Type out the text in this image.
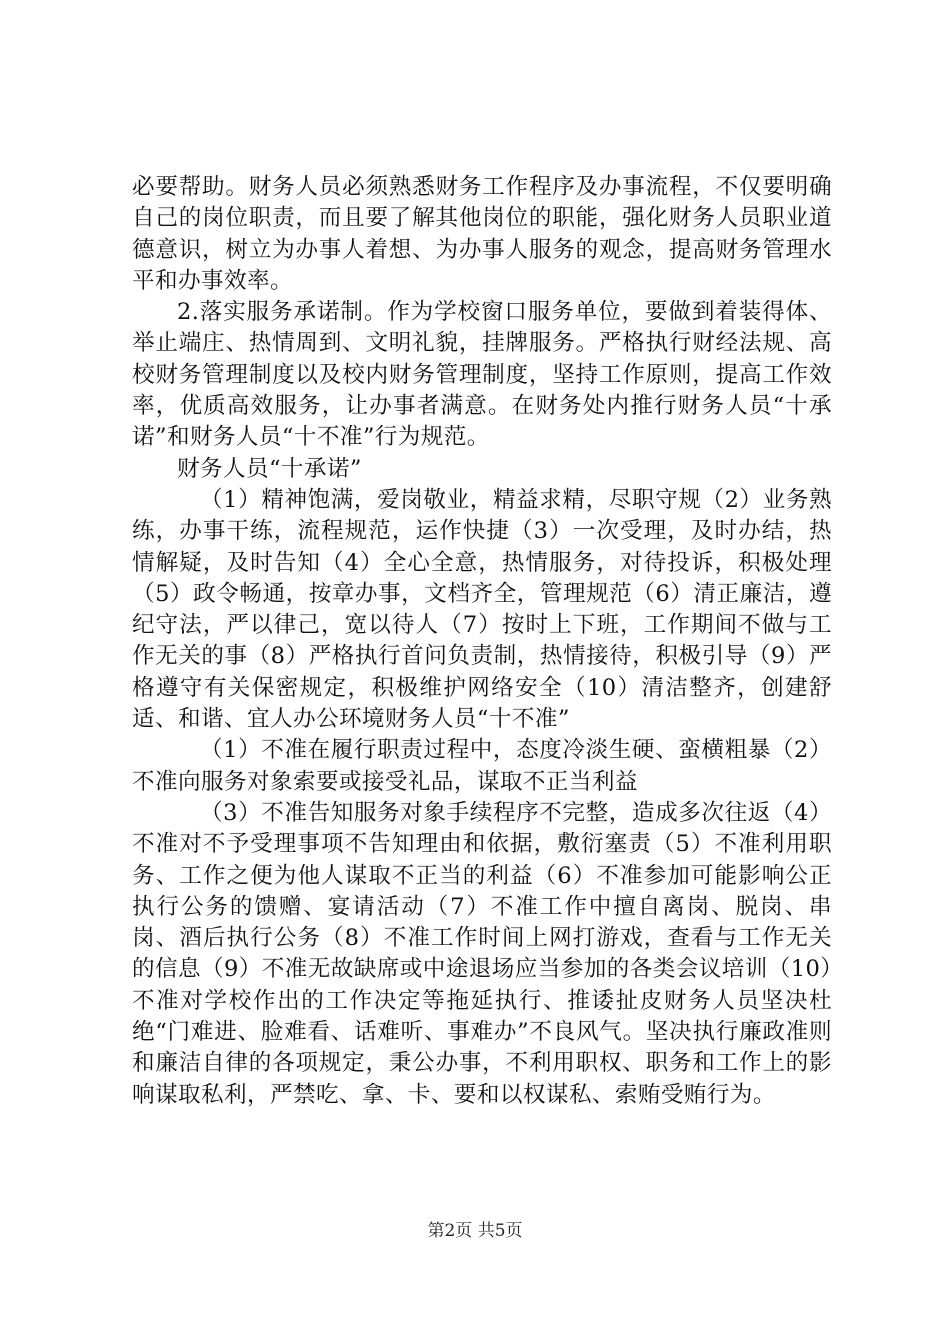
必要帮助。财务人员必须熟悉财务工作程序及办事流程，不仅要明确自己的岗位职责，而且要了解其他岗位的职能，强化财务人员职业道德意识，树立为办事人着想、为办事人服务的观念，提高财务管理水平和办事效率。

2.落实服务承诺制。作为学校窗口服务单位，要做到着装得体、举止端庄、热情周到、文明礼貌，挂牌服务。严格执行财经法规、高校财务管理制度以及校内财务管理制度，坚持工作原则，提高工作效率，优质高效服务，让办事者满意。在财务处内推行财务人员“十承诺”和财务人员“十不准”行为规范。

财务人员“十承诺”

（1）精神饱满，爱岗敬业，精益求精，尽职守规（2）业务熟练，办事干练，流程规范，运作快捷（3）一次受理，及时办结，热情解疑，及时告知（4）全心全意，热情服务，对待投诉，积极处理（5）政令畅通，按章办事，文档齐全，管理规范（6）清正廉洁，遵纪守法，严以律己，宽以待人（7）按时上下班，工作期间不做与工作无关的事（8）严格执行首问负责制，热情接待，积极引导（9）严格遵守有关保密规定，积极维护网络安全（10）清洁整齐，创建舒适、和谐、宜人办公环境财务人员“十不准”

（1）不准在履行职责过程中，态度冷淡生硬、蛮横粗暴（2）不准向服务对象索要或接受礼品，谋取不正当利益

（3）不准告知服务对象手续程序不完整，造成多次往返（4）不准对不予受理事项不告知理由和依据，敷衍塞责（5）不准利用职务、工作之便为他人谋取不正当的利益（6）不准参加可能影响公正执行公务的馈赠、宴请活动（7）不准工作中擅自离岗、脱岗、串岗、酒后执行公务（8）不准工作时间上网打游戏，查看与工作无关的信息（9）不准无故缺席或中途退场应当参加的各类会议培训（10）不准对学校作出的工作决定等拖延执行、推诿扯皮财务人员坚决杜绝“门难进、脸难看、话难听、事难办”不良风气。坚决执行廉政准则和廉洁自律的各项规定，秉公办事，不利用职权、职务和工作上的影响谋取私利，严禁吃、拿、卡、要和以权谋私、索贿受贿行为。

第2页 共5页
